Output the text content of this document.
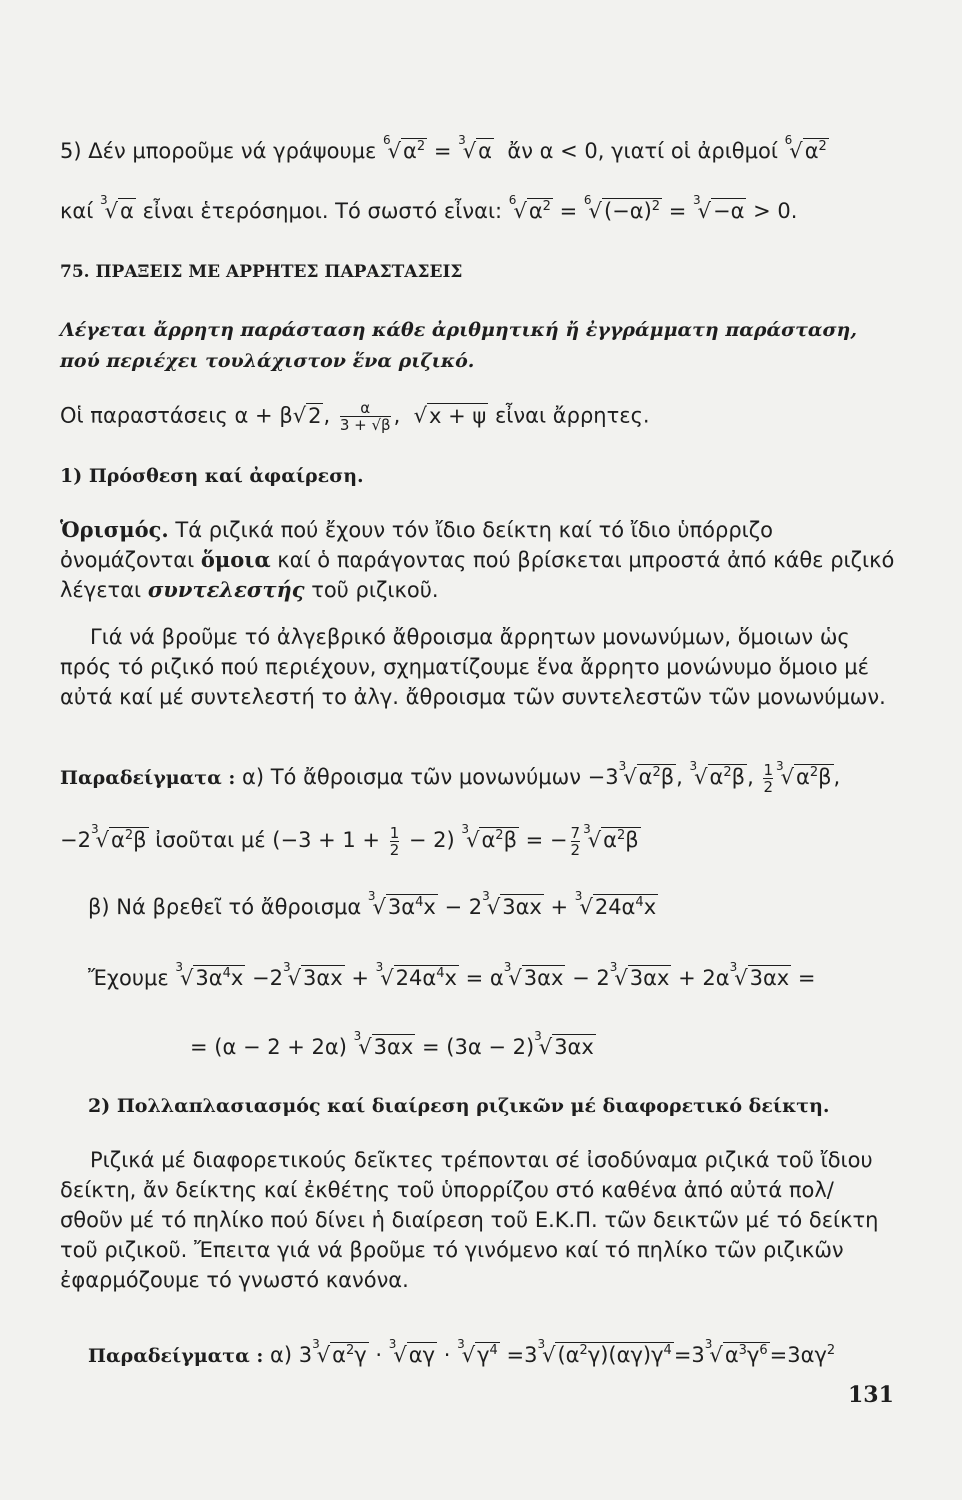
5) Δέν μποροῦμε νά γράψουμε $^6√\alpha^2 = ^3√\alpha$  ἄν α < 0, γιατί οἱ ἀριθμοί $^6√\alpha^2$
καί $^3$√α εἶναι ἑτερόσημοι. Τό σωστό εἶναι: $^6√\alpha^2 = ^6√(-\alpha)^2 = ^3√-\alpha > 0$.
75. ΠΡΑΞΕΙΣ ΜΕ ΑΡΡΗΤΕΣ ΠΑΡΑΣΤΑΣΕΙΣ
Λέγεται ἄρρητη παράσταση κάθε ἀριθμητική ἤ ἐγγράμματη παράσταση, πού περιέχει τουλάχιστον ἕνα ριζικό.
Οἱ παραστάσεις α + β√2, $\frac{\alpha}{3 + √\beta}$ ,  √x + ψ εἶναι ἄρρητες.
1) Πρόσθεση καί ἀφαίρεση.
Ὁρισμός. Τά ριζικά πού ἔχουν τόν ἴδιο δείκτη καί τό ἴδιο ὑπόρριζο ὀνομάζονται ὅμοια καί ὁ παράγοντας πού βρίσκεται μπροστά ἀπό κάθε ριζικό λέγεται συντελεστής τοῦ ριζικοῦ.
Γιά νά βροῦμε τό ἀλγεβρικό ἄθροισμα ἄρρητων μονωνύμων, ὅμοιων ὡς πρός τό ριζικό πού περιέχουν, σχηματίζουμε ἕνα ἄρρητο μονώνυμο ὅμοιο μέ αὐτά καί μέ συντελεστή το ἀλγ. ἄθροισμα τῶν συντελεστῶν τῶν μονωνύμων.
Παραδείγματα : α) Τό ἄθροισμα τῶν $\mu o\nu\omega\nu ύ\mu\omega\nu -3^3√\alpha^2\beta$, $^3√\alpha^2\beta$, $\frac{1}{2} ^3√\alpha^2\beta$,
$-2^3√\alpha^2\beta$ ἰσοῦται μέ $(-3 + 1 + \frac{1}{2} - 2)$ $^3√\alpha^2\beta$ = − $\frac{7}{2} ^3√\alpha^2\beta$
β) Νά βρεθεῖ τό ἄθροισμα $^3√3\alpha^4x - 2^3√3\alpha x + ^3√24\alpha^4x$
Ἔχουμε $^3√3\alpha^4x -2^3√3\alpha x + ^3√24\alpha^4x = \alpha^3√3\alpha x - 2^3√3\alpha x + 2\alpha^3√3\alpha x$ =
= (α − 2 + 2α) $^3√3\alpha x = (3\alpha - 2)^3√3\alpha x$
2) Πολλαπλασιασμός καί διαίρεση ριζικῶν μέ διαφορετικό δείκτη.
Ριζικά μέ διαφορετικούς δεῖκτες τρέπονται σέ ἰσοδύναμα ριζικά τοῦ ἴδιου δείκτη, ἄν δείκτης καί ἐκθέτης τοῦ ὑπορρίζου στό καθένα ἀπό αὐτά πολ/σθοῦν μέ τό πηλίκο πού δίνει ἡ διαίρεση τοῦ Ε.Κ.Π. τῶν δεικτῶν μέ τό δείκτη τοῦ ριζικοῦ. Ἔπειτα γιά νά βροῦμε τό γινόμενο καί τό πηλίκο τῶν ριζικῶν ἐφαρμόζουμε τό γνωστό κανόνα.
Παραδείγματα : α) $3^3√\alpha^2\gamma \cdot ^3√\alpha\gamma \cdot ^3√\gamma^4 =3^3√(\alpha^2\gamma)(\alpha\gamma)\gamma^4=3^3√\alpha^3\gamma^6=3\alpha\gamma^2$
131
